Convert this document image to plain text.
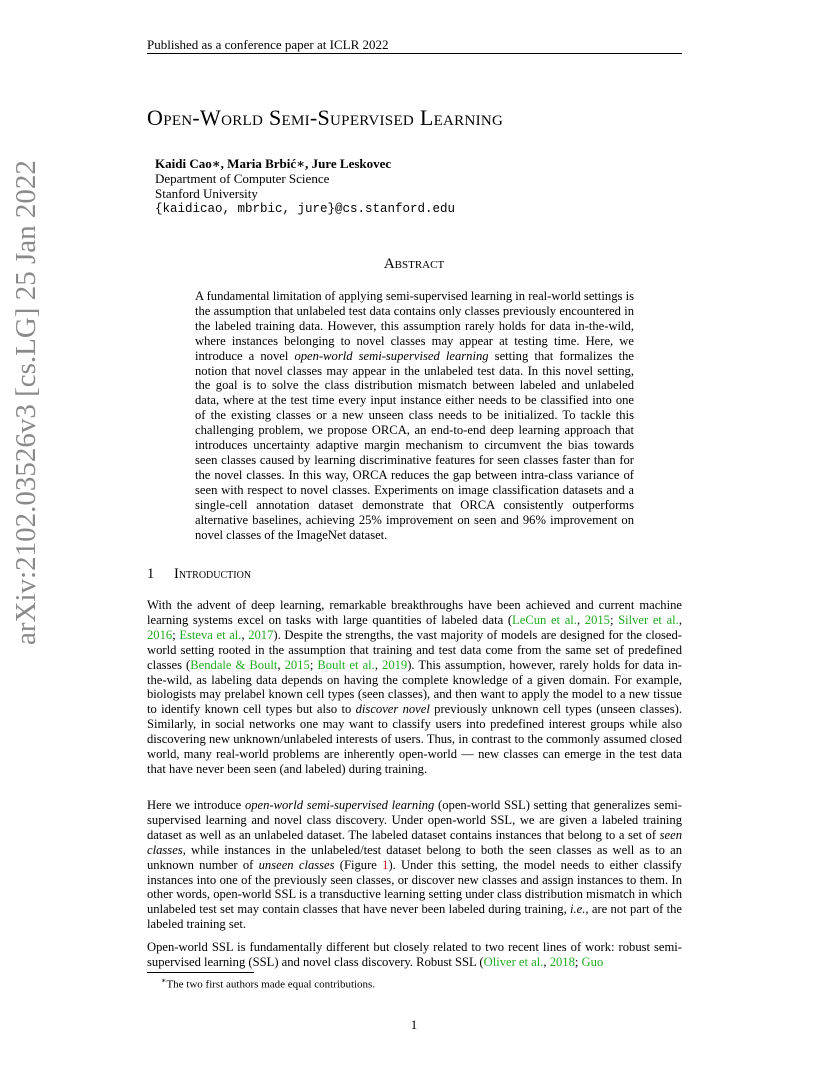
Published as a conference paper at ICLR 2022
Open-World Semi-Supervised Learning
Kaidi Cao∗, Maria Brbić∗, Jure Leskovec
Department of Computer Science
Stanford University
{kaidicao, mbrbic, jure}@cs.stanford.edu
Abstract
A fundamental limitation of applying semi-supervised learning in real-world settings is the assumption that unlabeled test data contains only classes previously encountered in the labeled training data. However, this assumption rarely holds for data in-the-wild, where instances belonging to novel classes may appear at testing time. Here, we introduce a novel open-world semi-supervised learning setting that formalizes the notion that novel classes may appear in the unlabeled test data. In this novel setting, the goal is to solve the class distribution mismatch between labeled and unlabeled data, where at the test time every input instance either needs to be classified into one of the existing classes or a new unseen class needs to be initialized. To tackle this challenging problem, we propose ORCA, an end-to-end deep learning approach that introduces uncertainty adaptive margin mechanism to circumvent the bias towards seen classes caused by learning discriminative features for seen classes faster than for the novel classes. In this way, ORCA reduces the gap between intra-class variance of seen with respect to novel classes. Experiments on image classification datasets and a single-cell annotation dataset demonstrate that ORCA consistently outperforms alternative baselines, achieving 25% improvement on seen and 96% improvement on novel classes of the ImageNet dataset.
1 Introduction
With the advent of deep learning, remarkable breakthroughs have been achieved and current machine learning systems excel on tasks with large quantities of labeled data (LeCun et al., 2015; Silver et al., 2016; Esteva et al., 2017). Despite the strengths, the vast majority of models are designed for the closed-world setting rooted in the assumption that training and test data come from the same set of predefined classes (Bendale & Boult, 2015; Boult et al., 2019). This assumption, however, rarely holds for data in-the-wild, as labeling data depends on having the complete knowledge of a given domain. For example, biologists may prelabel known cell types (seen classes), and then want to apply the model to a new tissue to identify known cell types but also to discover novel previously unknown cell types (unseen classes). Similarly, in social networks one may want to classify users into predefined interest groups while also discovering new unknown/unlabeled interests of users. Thus, in contrast to the commonly assumed closed world, many real-world problems are inherently open-world — new classes can emerge in the test data that have never been seen (and labeled) during training.
Here we introduce open-world semi-supervised learning (open-world SSL) setting that generalizes semi-supervised learning and novel class discovery. Under open-world SSL, we are given a labeled training dataset as well as an unlabeled dataset. The labeled dataset contains instances that belong to a set of seen classes, while instances in the unlabeled/test dataset belong to both the seen classes as well as to an unknown number of unseen classes (Figure 1). Under this setting, the model needs to either classify instances into one of the previously seen classes, or discover new classes and assign instances to them. In other words, open-world SSL is a transductive learning setting under class distribution mismatch in which unlabeled test set may contain classes that have never been labeled during training, i.e., are not part of the labeled training set.
Open-world SSL is fundamentally different but closely related to two recent lines of work: robust semi-supervised learning (SSL) and novel class discovery. Robust SSL (Oliver et al., 2018; Guo
∗The two first authors made equal contributions.
1
arXiv:2102.03526v3 [cs.LG] 25 Jan 2022
